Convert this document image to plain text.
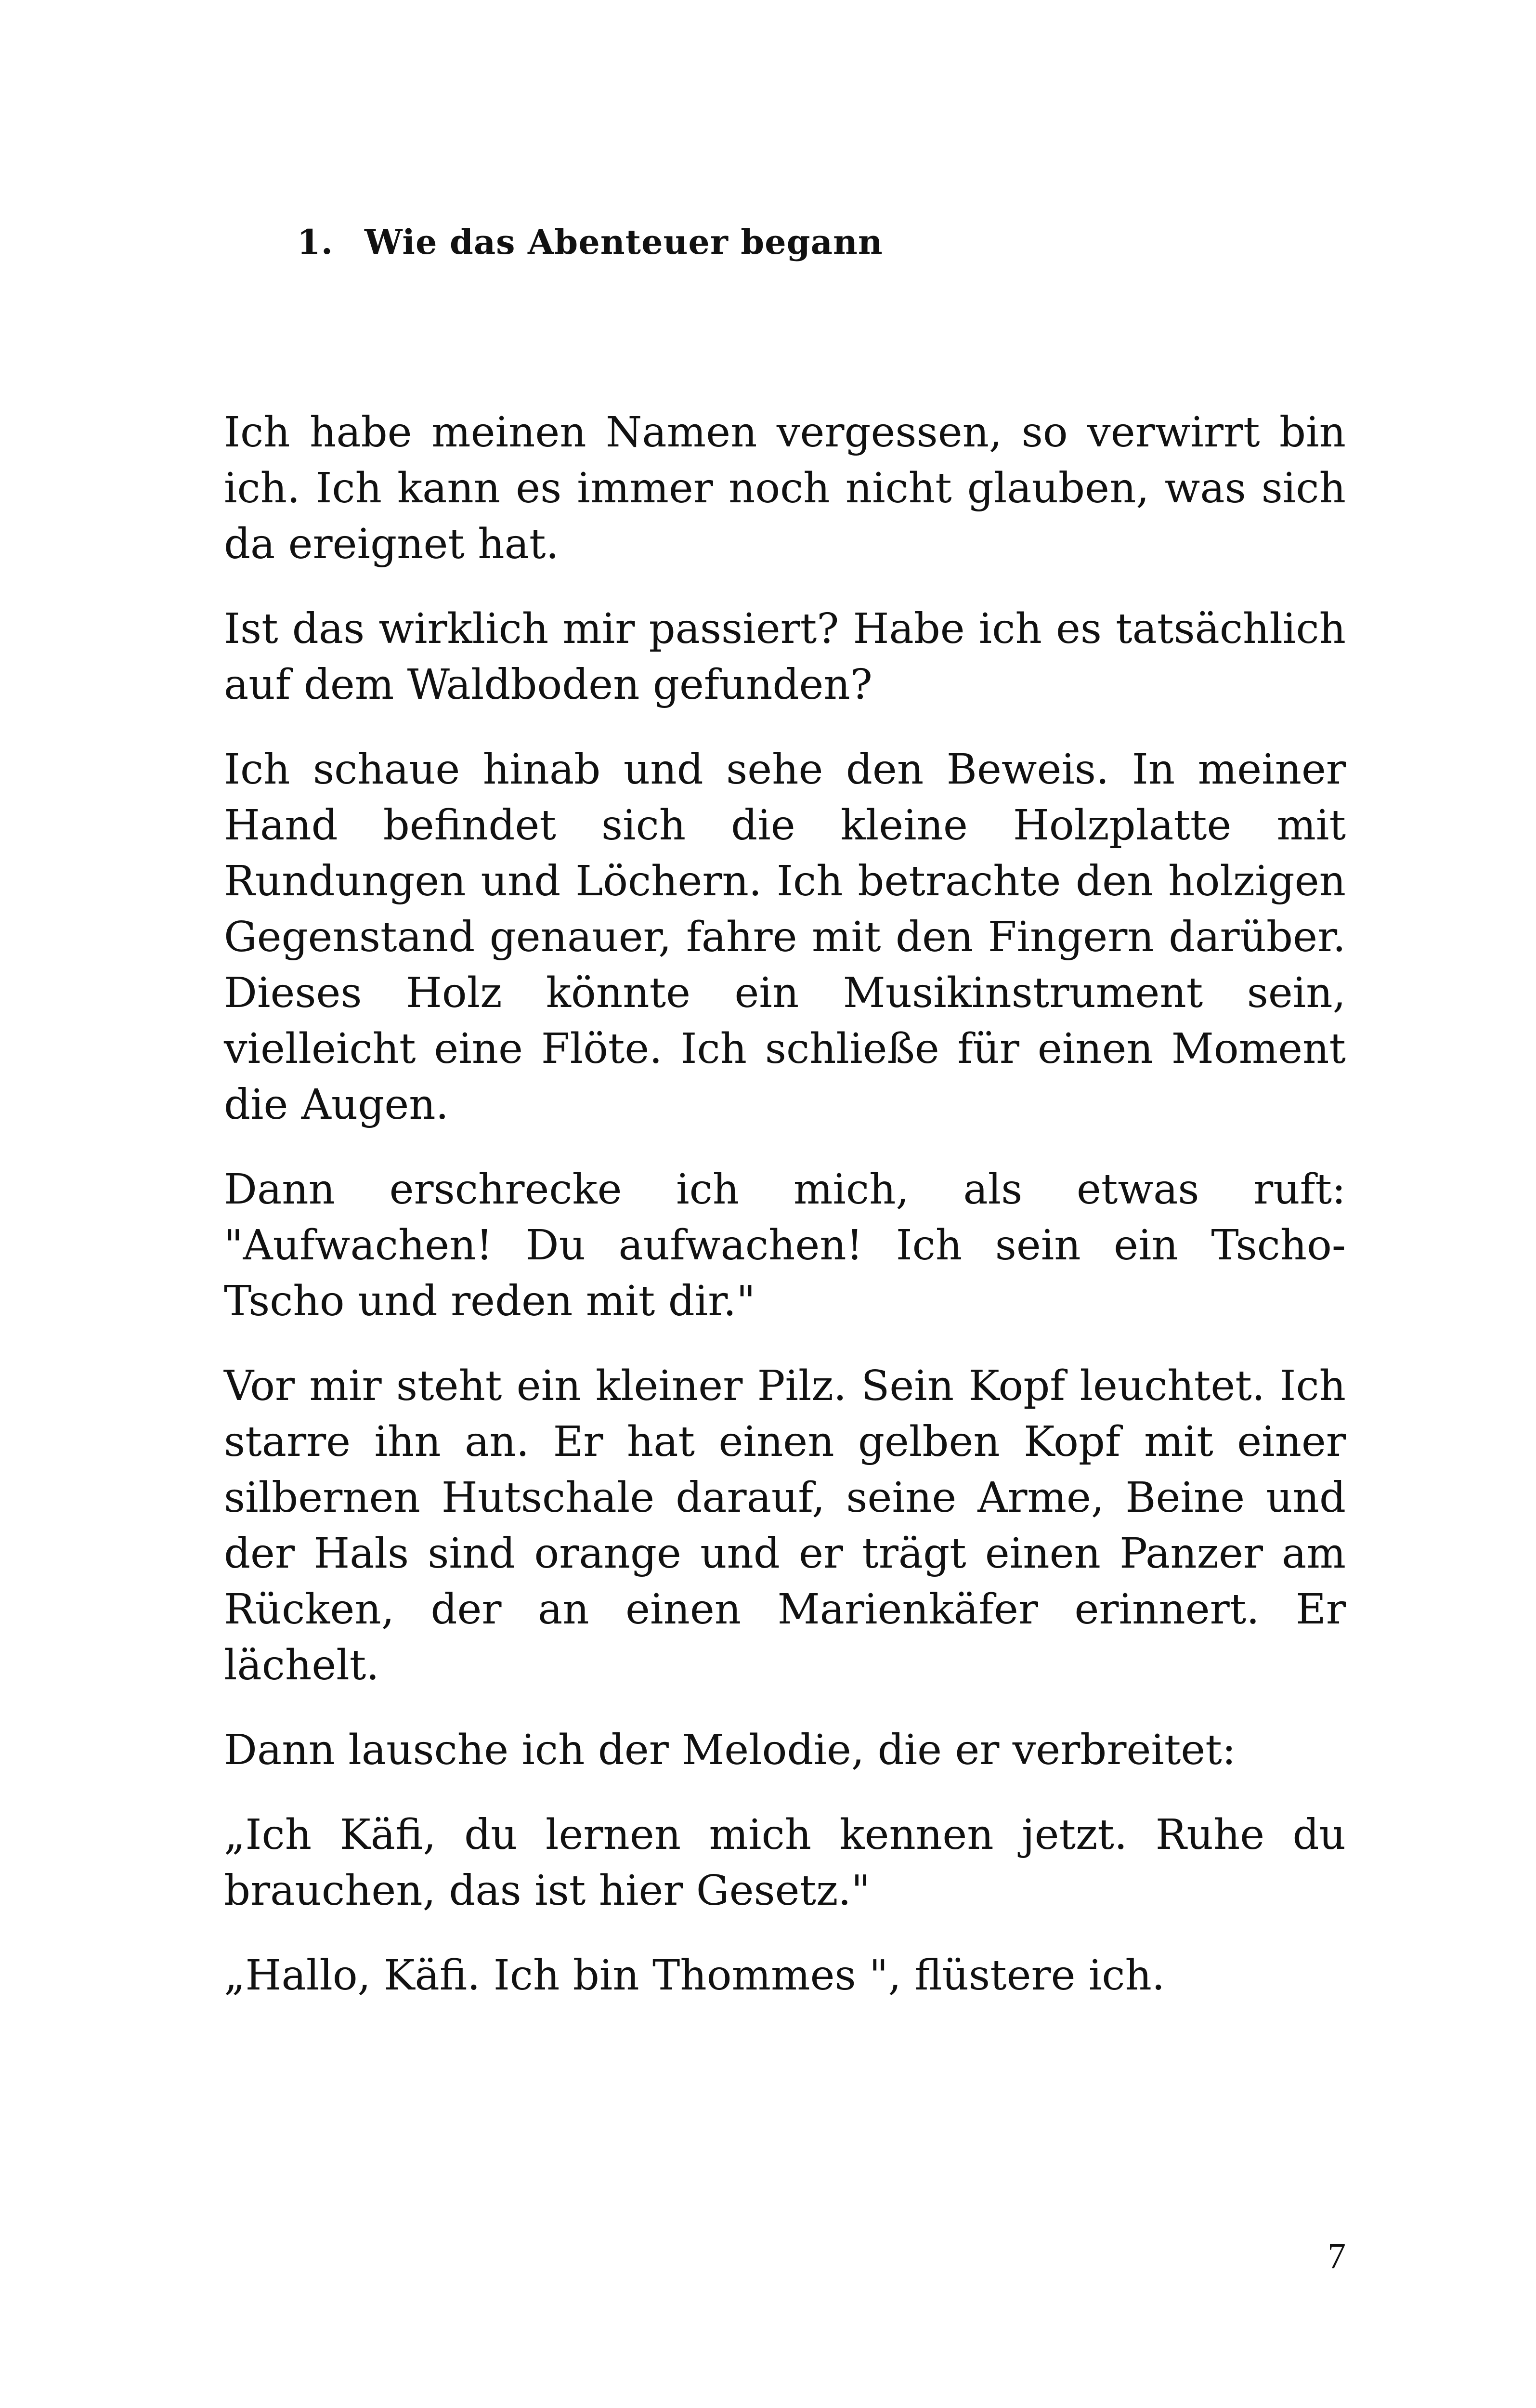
1. Wie das Abenteuer begann

Ich habe meinen Namen vergessen, so verwirrt bin ich. Ich kann es immer noch nicht glauben, was sich da ereignet hat.

Ist das wirklich mir passiert? Habe ich es tatsächlich auf dem Waldboden gefunden?

Ich schaue hinab und sehe den Beweis. In meiner Hand befindet sich die kleine Holzplatte mit Rundungen und Löchern. Ich betrachte den holzigen Gegenstand genauer, fahre mit den Fingern darüber. Dieses Holz könnte ein Musikinstrument sein, vielleicht eine Flöte. Ich schließe für einen Moment die Augen.

Dann erschrecke ich mich, als etwas ruft: "Aufwachen! Du aufwachen! Ich sein ein Tscho-Tscho und reden mit dir."

Vor mir steht ein kleiner Pilz. Sein Kopf leuchtet. Ich starre ihn an. Er hat einen gelben Kopf mit einer silbernen Hutschale darauf, seine Arme, Beine und der Hals sind orange und er trägt einen Panzer am Rücken, der an einen Marienkäfer erinnert. Er lächelt.

Dann lausche ich der Melodie, die er verbreitet:

„Ich Käfi, du lernen mich kennen jetzt. Ruhe du brauchen, das ist hier Gesetz."

„Hallo, Käfi. Ich bin Thommes ", flüstere ich.

7
